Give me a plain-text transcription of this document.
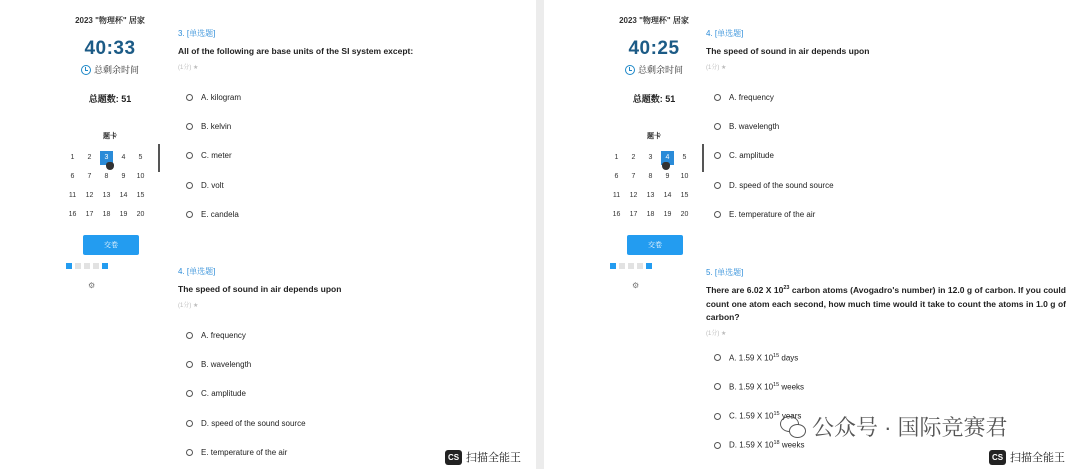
2023 "物理杯" 居家
40:33
总剩余时间
总题数: 51
题卡
1 2	3	4 5
6 7 8 9 10
11 12 13 14 15
16 17 18 19 20
交卷
⚙
3. [单选题]
All of the following are base units of the SI system except:
(1分) ★
A. kilogram
B. kelvin
C. meter
D. volt
E. candela
4. [单选题]
The speed of sound in air depends upon
(1分) ★
A. frequency
B. wavelength
C. amplitude
D. speed of the sound source
E. temperature of the air
CS 扫描全能王
2023 "物理杯" 居家
40:25
总剩余时间
总题数: 51
题卡
1 2 3	4	5
6 7 8 9 10
11 12 13 14 15
16 17 18 19 20
交卷
⚙
4. [单选题]
The speed of sound in air depends upon
(1分) ★
A. frequency
B. wavelength
C. amplitude
D. speed of the sound source
E. temperature of the air
5. [单选题]
There are 6.02 X $10^{23}$ carbon atoms (Avogadro's number) in 12.0 g of carbon. If you could count one atom each second, how much time would it take to count the atoms in 1.0 g of carbon?
(1分) ★
A. 1.59 X $10^{15}$ days
B. 1.59 X $10^{15}$ weeks
C. 1.59 X $10^{15}$ years
D. 1.59 X $10^{18}$ weeks
CS 扫描全能王
公众号 · 国际竞赛君
